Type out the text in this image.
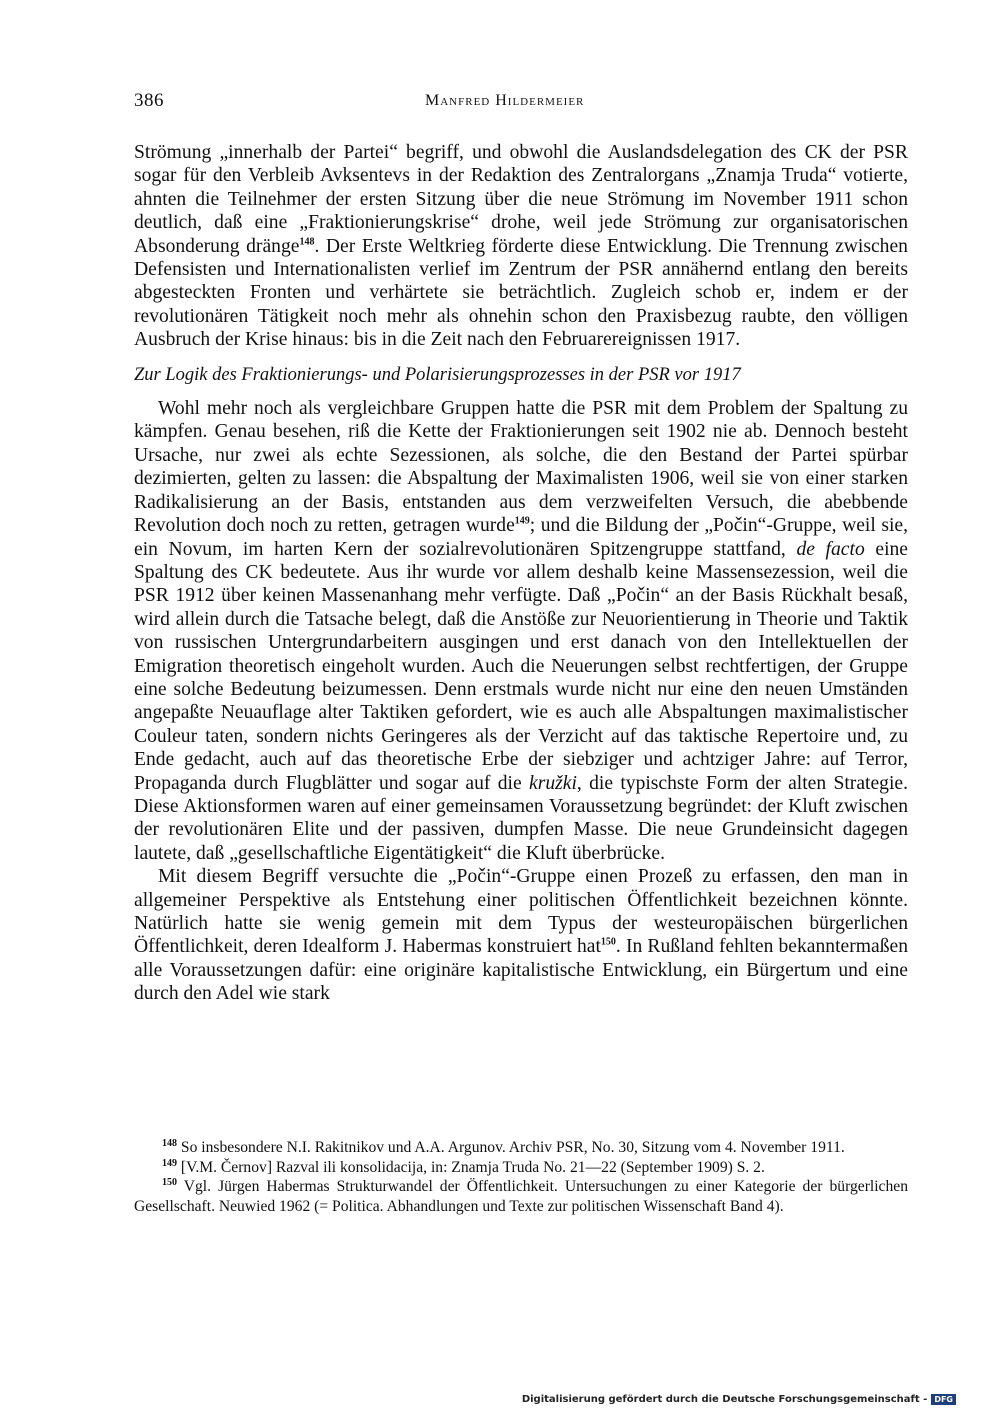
386	Manfred Hildermeier

Strömung „innerhalb der Partei“ begriff, und obwohl die Auslandsdelegation des CK der PSR sogar für den Verbleib Avksentevs in der Redaktion des Zentralorgans „Znamja Truda“ votierte, ahnten die Teilnehmer der ersten Sitzung über die neue Strömung im November 1911 schon deutlich, daß eine „Fraktionierungskrise“ drohe, weil jede Strömung zur organisatorischen Absonderung dränge$^{148}$. Der Erste Weltkrieg förderte diese Entwicklung. Die Trennung zwischen Defensisten und Internationalisten verlief im Zentrum der PSR annähernd entlang den bereits abgesteckten Fronten und verhärtete sie beträchtlich. Zugleich schob er, indem er der revolutionären Tätigkeit noch mehr als ohnehin schon den Praxisbezug raubte, den völligen Ausbruch der Krise hinaus: bis in die Zeit nach den Februarereignissen 1917.

Zur Logik des Fraktionierungs- und Polarisierungsprozesses in der PSR vor 1917

Wohl mehr noch als vergleichbare Gruppen hatte die PSR mit dem Problem der Spaltung zu kämpfen. Genau besehen, riß die Kette der Fraktionierungen seit 1902 nie ab. Dennoch besteht Ursache, nur zwei als echte Sezessionen, als solche, die den Bestand der Partei spürbar dezimierten, gelten zu lassen: die Abspaltung der Maximalisten 1906, weil sie von einer starken Radikalisierung an der Basis, entstanden aus dem verzweifelten Versuch, die abebbende Revolution doch noch zu retten, getragen wurde$^{149}$; und die Bildung der „Počin“-Gruppe, weil sie, ein Novum, im harten Kern der sozialrevolutionären Spitzengruppe stattfand, de facto eine Spaltung des CK bedeutete. Aus ihr wurde vor allem deshalb keine Massensezession, weil die PSR 1912 über keinen Massenanhang mehr verfügte. Daß „Počin“ an der Basis Rückhalt besaß, wird allein durch die Tatsache belegt, daß die Anstöße zur Neuorientierung in Theorie und Taktik von russischen Untergrundarbeitern ausgingen und erst danach von den Intellektuellen der Emigration theoretisch eingeholt wurden. Auch die Neuerungen selbst rechtfertigen, der Gruppe eine solche Bedeutung beizumessen. Denn erstmals wurde nicht nur eine den neuen Umständen angepaßte Neuauflage alter Taktiken gefordert, wie es auch alle Abspaltungen maximalistischer Couleur taten, sondern nichts Geringeres als der Verzicht auf das taktische Repertoire und, zu Ende gedacht, auch auf das theoretische Erbe der siebziger und achtziger Jahre: auf Terror, Propaganda durch Flugblätter und sogar auf die kružki, die typischste Form der alten Strategie. Diese Aktionsformen waren auf einer gemeinsamen Voraussetzung begründet: der Kluft zwischen der revolutionären Elite und der passiven, dumpfen Masse. Die neue Grundeinsicht dagegen lautete, daß „gesellschaftliche Eigentätigkeit“ die Kluft überbrücke.

Mit diesem Begriff versuchte die „Počin“-Gruppe einen Prozeß zu erfassen, den man in allgemeiner Perspektive als Entstehung einer politischen Öffentlichkeit bezeichnen könnte. Natürlich hatte sie wenig gemein mit dem Typus der westeuropäischen bürgerlichen Öffentlichkeit, deren Idealform J. Habermas konstruiert hat$^{150}$. In Rußland fehlten bekanntermaßen alle Voraussetzungen dafür: eine originäre kapitalistische Entwicklung, ein Bürgertum und eine durch den Adel wie stark

$^{148}$ So insbesondere N.I. Rakitnikov und A.A. Argunov. Archiv PSR, No. 30, Sitzung vom 4. November 1911.

$^{149}$ [V.M. Černov] Razval ili konsolidacija, in: Znamja Truda No. 21—22 (September 1909) S. 2.

$^{150}$ Vgl. Jürgen Habermas Strukturwandel der Öffentlichkeit. Untersuchungen zu einer Kategorie der bürgerlichen Gesellschaft. Neuwied 1962 (= Politica. Abhandlungen und Texte zur politischen Wissenschaft Band 4).

Digitalisierung gefördert durch die Deutsche Forschungsgemeinschaft - DFG
